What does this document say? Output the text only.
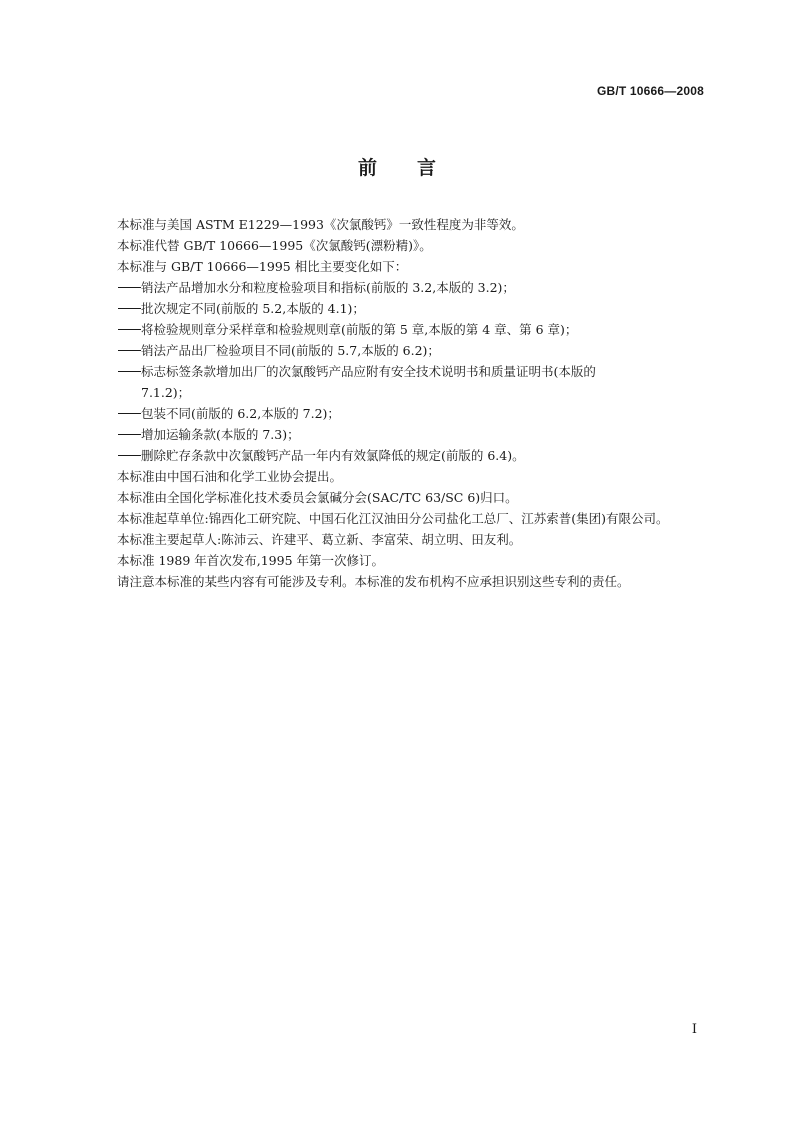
GB/T 10666—2008
前言

本标准与美国 ASTM E1229—1993《次氯酸钙》一致性程度为非等效。

本标准代替 GB/T 10666—1995《次氯酸钙(漂粉精)》。

本标准与 GB/T 10666—1995 相比主要变化如下：

销法产品增加水分和粒度检验项目和指标(前版的 3.2,本版的 3.2)；

批次规定不同(前版的 5.2,本版的 4.1)；

将检验规则章分采样章和检验规则章(前版的第 5 章,本版的第 4 章、第 6 章)；

销法产品出厂检验项目不同(前版的 5.7,本版的 6.2)；

标志标签条款增加出厂的次氯酸钙产品应附有安全技术说明书和质量证明书(本版的
7.1.2)；

包装不同(前版的 6.2,本版的 7.2)；

增加运输条款(本版的 7.3)；

删除贮存条款中次氯酸钙产品一年内有效氯降低的规定(前版的 6.4)。

本标准由中国石油和化学工业协会提出。

本标准由全国化学标准化技术委员会氯碱分会(SAC/TC 63/SC 6)归口。

本标准起草单位:锦西化工研究院、中国石化江汉油田分公司盐化工总厂、江苏索普(集团)有限公司。

本标准主要起草人:陈沛云、许建平、葛立新、李富荣、胡立明、田友利。

本标准 1989 年首次发布,1995 年第一次修订。

请注意本标准的某些内容有可能涉及专利。本标准的发布机构不应承担识别这些专利的责任。

I
